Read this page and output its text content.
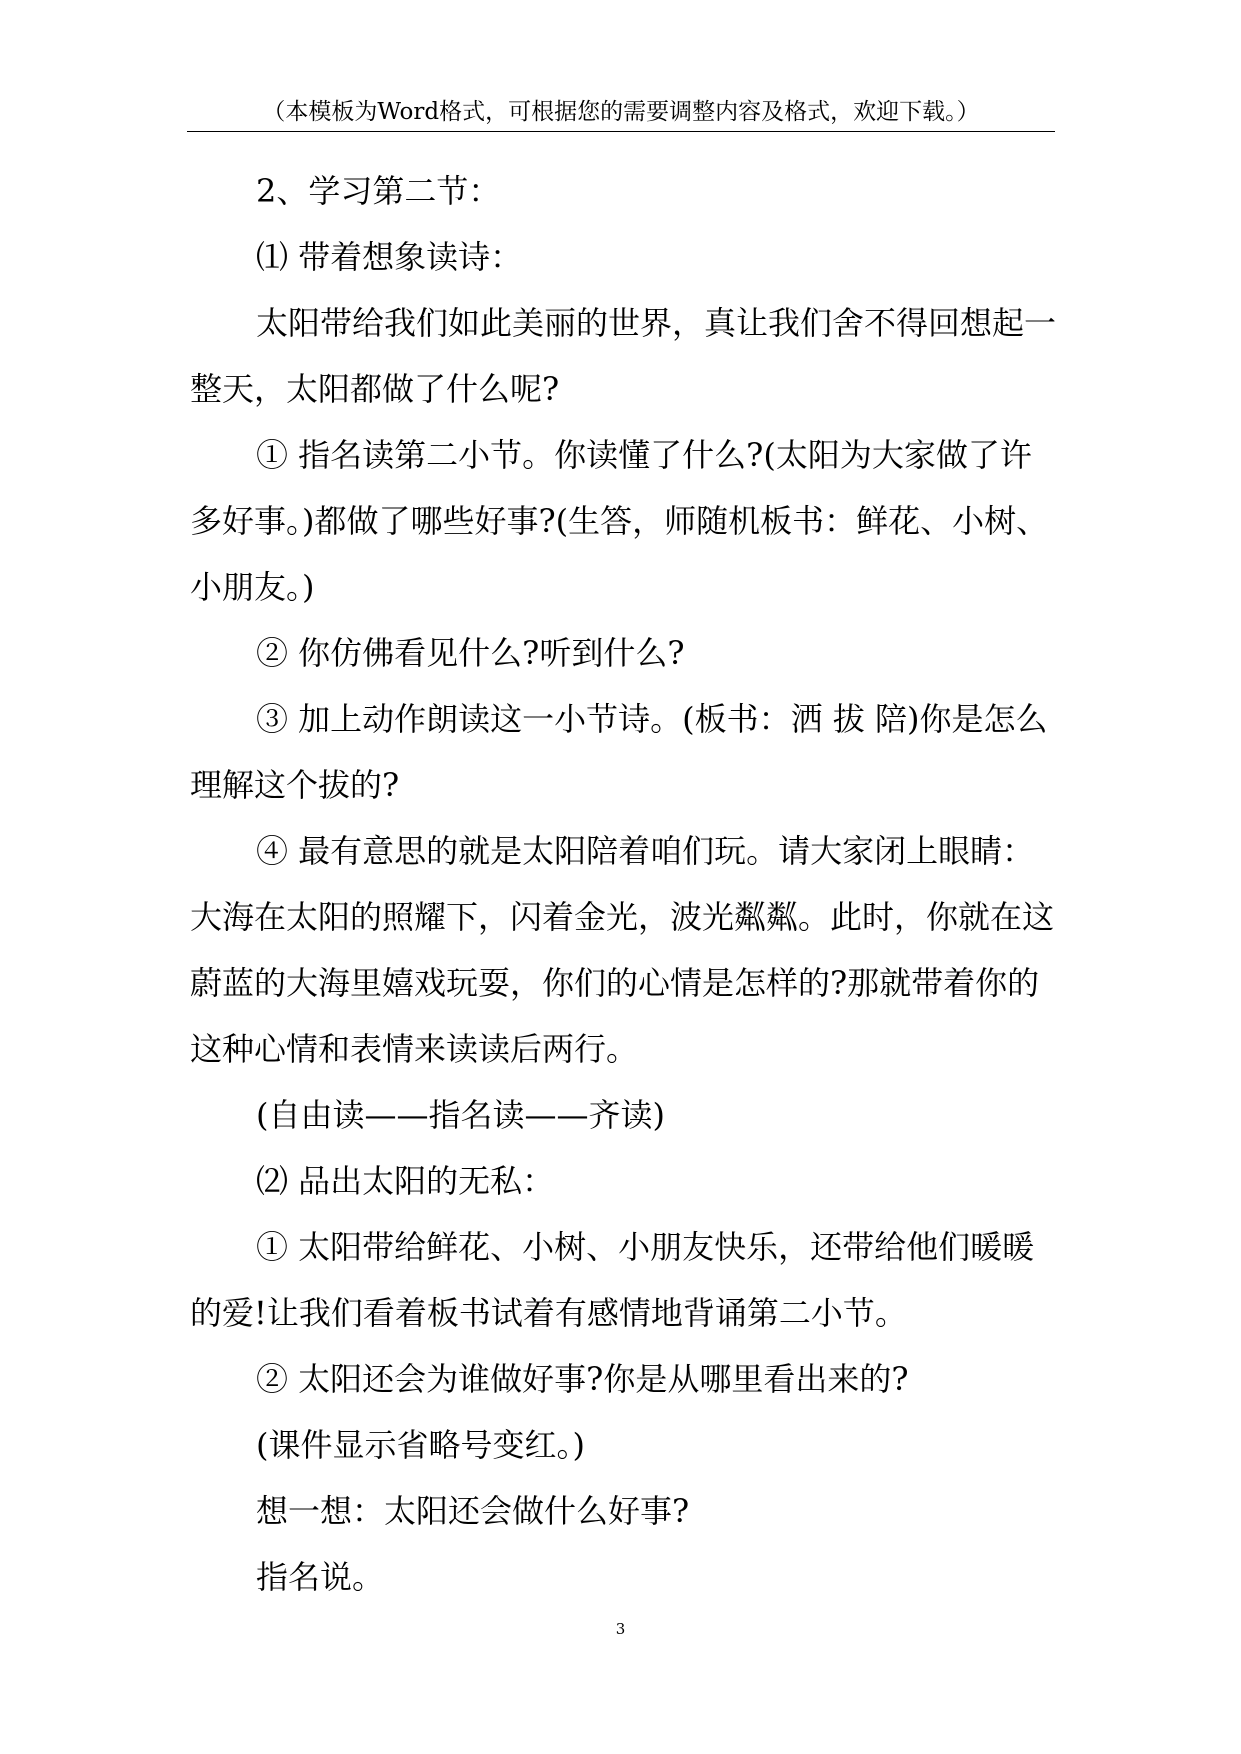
（本模板为Word格式，可根据您的需要调整内容及格式，欢迎下载。）

2、学习第二节：

⑴ 带着想象读诗：

太阳带给我们如此美丽的世界，真让我们舍不得回想起一整天，太阳都做了什么呢?

① 指名读第二小节。你读懂了什么?(太阳为大家做了许多好事。)都做了哪些好事?(生答，师随机板书：鲜花、小树、小朋友。)

② 你仿佛看见什么?听到什么?

③ 加上动作朗读这一小节诗。(板书：洒 拔 陪)你是怎么理解这个拔的?

④ 最有意思的就是太阳陪着咱们玩。请大家闭上眼睛：大海在太阳的照耀下，闪着金光，波光粼粼。此时，你就在这蔚蓝的大海里嬉戏玩耍，你们的心情是怎样的?那就带着你的这种心情和表情来读读后两行。

(自由读——指名读——齐读)

⑵ 品出太阳的无私：

① 太阳带给鲜花、小树、小朋友快乐，还带给他们暖暖的爱!让我们看着板书试着有感情地背诵第二小节。

② 太阳还会为谁做好事?你是从哪里看出来的?

(课件显示省略号变红。)

想一想：太阳还会做什么好事?

指名说。

3
